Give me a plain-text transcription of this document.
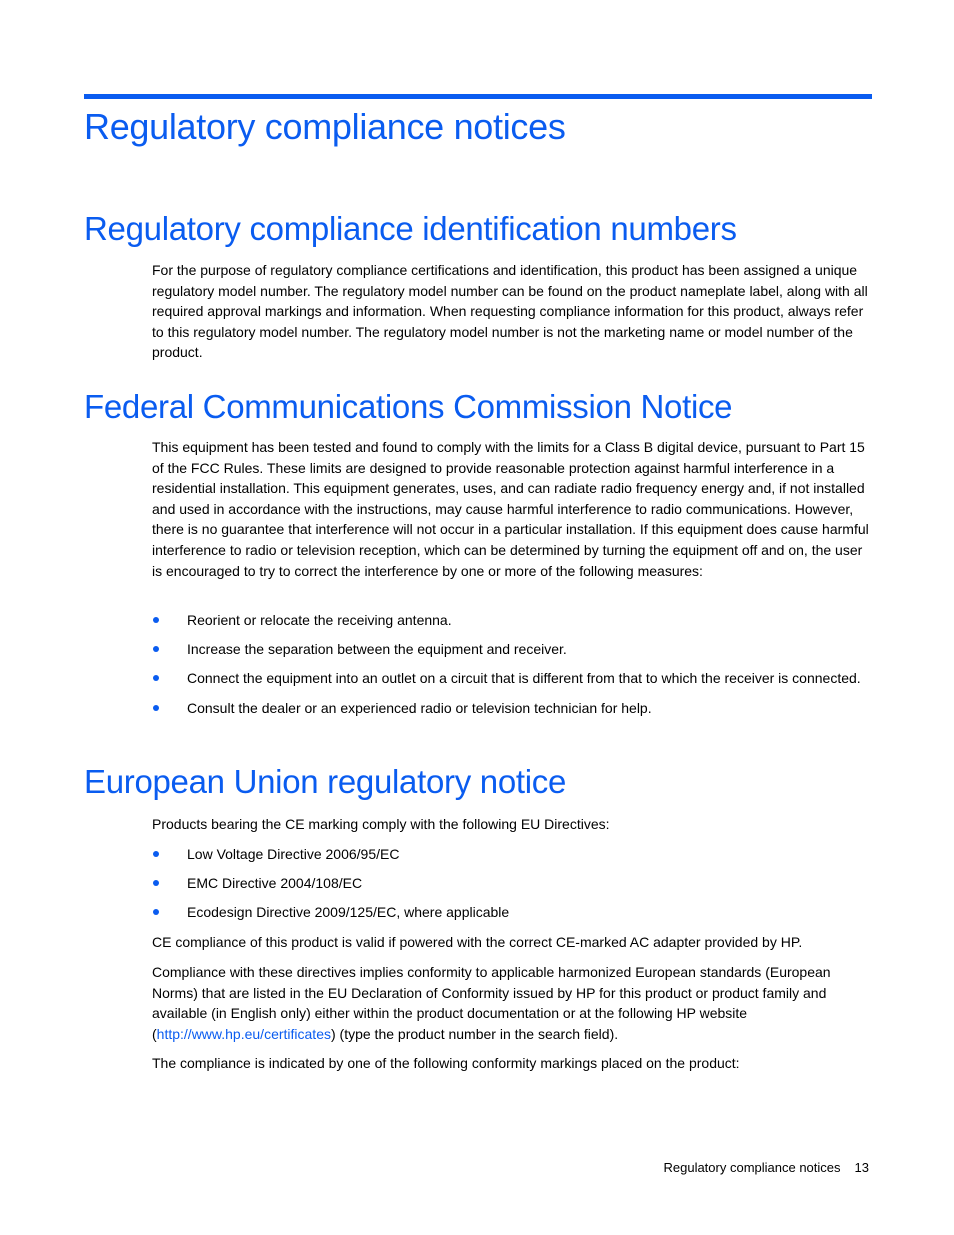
Regulatory compliance notices
Regulatory compliance identification numbers

For the purpose of regulatory compliance certifications and identification, this product has been assigned a unique regulatory model number. The regulatory model number can be found on the product nameplate label, along with all required approval markings and information. When requesting compliance information for this product, always refer to this regulatory model number. The regulatory model number is not the marketing name or model number of the product.

Federal Communications Commission Notice

This equipment has been tested and found to comply with the limits for a Class B digital device, pursuant to Part 15 of the FCC Rules. These limits are designed to provide reasonable protection against harmful interference in a residential installation. This equipment generates, uses, and can radiate radio frequency energy and, if not installed and used in accordance with the instructions, may cause harmful interference to radio communications. However, there is no guarantee that interference will not occur in a particular installation. If this equipment does cause harmful interference to radio or television reception, which can be determined by turning the equipment off and on, the user is encouraged to try to correct the interference by one or more of the following measures:

Reorient or relocate the receiving antenna.
Increase the separation between the equipment and receiver.
Connect the equipment into an outlet on a circuit that is different from that to which the receiver is connected.
Consult the dealer or an experienced radio or television technician for help.
European Union regulatory notice

Products bearing the CE marking comply with the following EU Directives:

Low Voltage Directive 2006/95/EC
EMC Directive 2004/108/EC
Ecodesign Directive 2009/125/EC, where applicable

CE compliance of this product is valid if powered with the correct CE-marked AC adapter provided by HP.

Compliance with these directives implies conformity to applicable harmonized European standards (European Norms) that are listed in the EU Declaration of Conformity issued by HP for this product or product family and available (in English only) either within the product documentation or at the following HP website (http://www.hp.eu/certificates) (type the product number in the search field).

The compliance is indicated by one of the following conformity markings placed on the product:

Regulatory compliance notices 13
